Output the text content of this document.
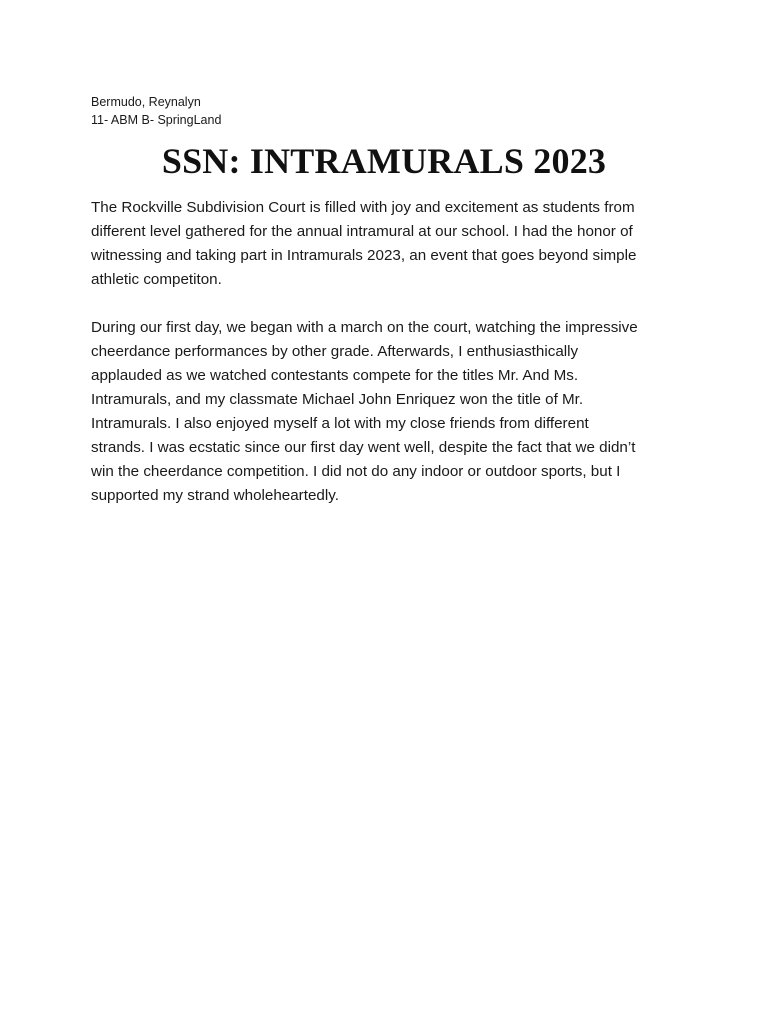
Bermudo, Reynalyn
11- ABM B- SpringLand
SSN: INTRAMURALS 2023

The Rockville Subdivision Court is filled with joy and excitement as students from
different level gathered for the annual intramural at our school. I had the honor of
witnessing and taking part in Intramurals 2023, an event that goes beyond simple
athletic competiton.

During our first day, we began with a march on the court, watching the impressive
cheerdance performances by other grade. Afterwards, I enthusiasthically
applauded as we watched contestants compete for the titles Mr. And Ms.
Intramurals, and my classmate Michael John Enriquez won the title of Mr.
Intramurals. I also enjoyed myself a lot with my close friends from different
strands. I was ecstatic since our first day went well, despite the fact that we didn’t
win the cheerdance competition. I did not do any indoor or outdoor sports, but I
supported my strand wholeheartedly.
